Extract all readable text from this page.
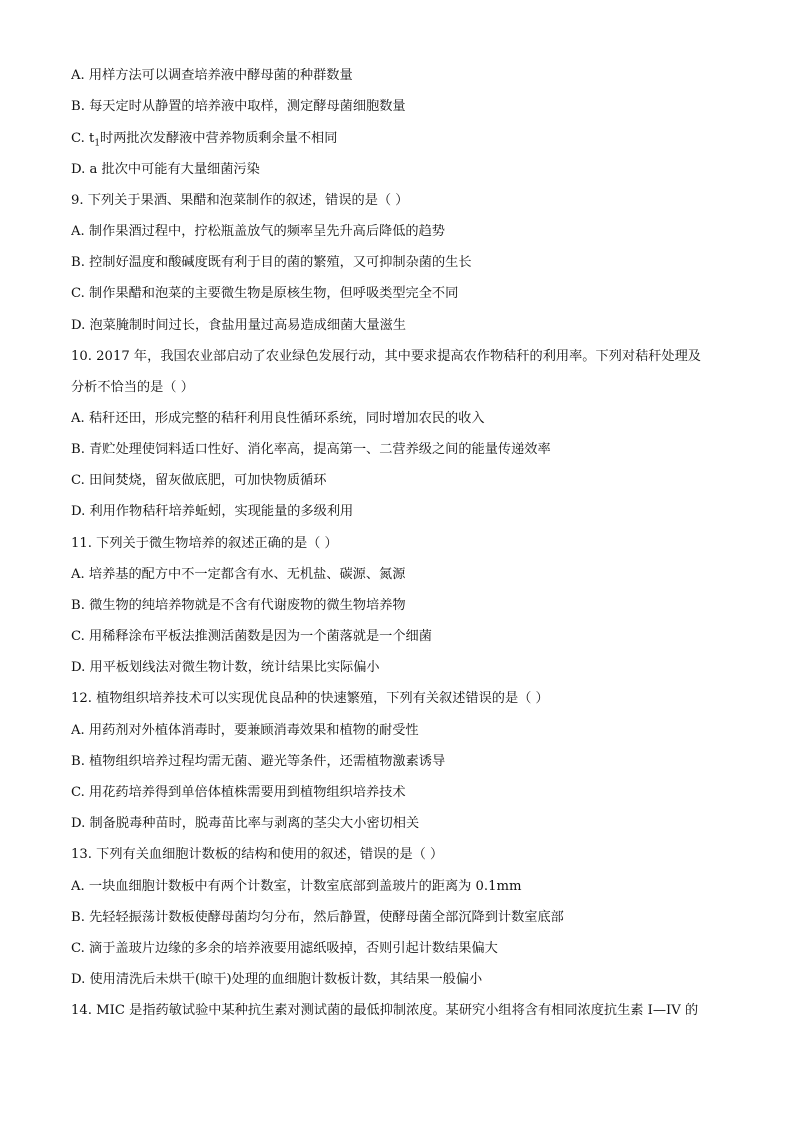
A. 用样方法可以调查培养液中酵母菌的种群数量
B. 每天定时从静置的培养液中取样，测定酵母菌细胞数量
C. $t_1$时两批次发酵液中营养物质剩余量不相同
D. a 批次中可能有大量细菌污染
9. 下列关于果酒、果醋和泡菜制作的叙述，错误的是（ ）
A. 制作果酒过程中，拧松瓶盖放气的频率呈先升高后降低的趋势
B. 控制好温度和酸碱度既有利于目的菌的繁殖，又可抑制杂菌的生长
C. 制作果醋和泡菜的主要微生物是原核生物，但呼吸类型完全不同
D. 泡菜腌制时间过长，食盐用量过高易造成细菌大量滋生
10. 2017 年，我国农业部启动了农业绿色发展行动，其中要求提高农作物秸秆的利用率。下列对秸秆处理及
分析不恰当的是（ ）
A. 秸秆还田，形成完整的秸秆利用良性循环系统，同时增加农民的收入
B. 青贮处理使饲料适口性好、消化率高，提高第一、二营养级之间的能量传递效率
C. 田间焚烧，留灰做底肥，可加快物质循环
D. 利用作物秸秆培养蚯蚓，实现能量的多级利用
11. 下列关于微生物培养的叙述正确的是（ ）
A. 培养基的配方中不一定都含有水、无机盐、碳源、氮源
B. 微生物的纯培养物就是不含有代谢废物的微生物培养物
C. 用稀释涂布平板法推测活菌数是因为一个菌落就是一个细菌
D. 用平板划线法对微生物计数，统计结果比实际偏小
12. 植物组织培养技术可以实现优良品种的快速繁殖，下列有关叙述错误的是（ ）
A. 用药剂对外植体消毒时，要兼顾消毒效果和植物的耐受性
B. 植物组织培养过程均需无菌、避光等条件，还需植物激素诱导
C. 用花药培养得到单倍体植株需要用到植物组织培养技术
D. 制备脱毒种苗时，脱毒苗比率与剥离的茎尖大小密切相关
13. 下列有关血细胞计数板的结构和使用的叙述，错误的是（ ）
A. 一块血细胞计数板中有两个计数室，计数室底部到盖玻片的距离为 0.1mm
B. 先轻轻振荡计数板使酵母菌均匀分布，然后静置，使酵母菌全部沉降到计数室底部
C. 滴于盖玻片边缘的多余的培养液要用滤纸吸掉，否则引起计数结果偏大
D. 使用清洗后未烘干(晾干)处理的血细胞计数板计数，其结果一般偏小
14. MIC 是指药敏试验中某种抗生素对测试菌的最低抑制浓度。某研究小组将含有相同浓度抗生素 I—IV 的
